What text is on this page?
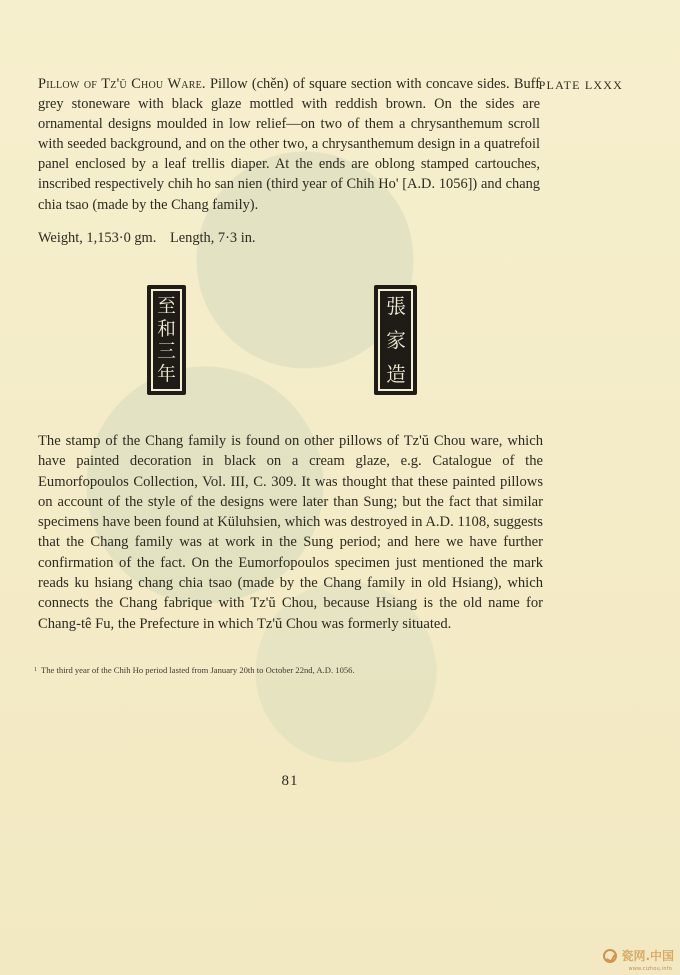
PLATE LXXX

Pillow of Tz'ŭ Chou Ware. Pillow (chěn) of square section with concave sides. Buff grey stoneware with black glaze mottled with reddish brown. On the sides are ornamental designs moulded in low relief—on two of them a chrysanthemum scroll with seeded background, and on the other two, a chrysanthemum design in a quatrefoil panel enclosed by a leaf trellis diaper. At the ends are oblong stamped cartouches, inscribed respectively chih ho san nien (third year of Chih Ho' [A.D. 1056]) and chang chia tsao (made by the Chang family).

Weight, 1,153·0 gm. Length, 7·3 in.
至
和
三
年
張
家
造

The stamp of the Chang family is found on other pillows of Tz'ŭ Chou ware, which have painted decoration in black on a cream glaze, e.g. Catalogue of the Eumorfopoulos Collection, Vol. III, C. 309. It was thought that these painted pillows on account of the style of the designs were later than Sung; but the fact that similar specimens have been found at Küluhsien, which was destroyed in A.D. 1108, suggests that the Chang family was at work in the Sung period; and here we have further confirmation of the fact. On the Eumorfopoulos specimen just mentioned the mark reads ku hsiang chang chia tsao (made by the Chang family in old Hsiang), which connects the Chang fabrique with Tz'ŭ Chou, because Hsiang is the old name for Chang-tê Fu, the Prefecture in which Tz'ŭ Chou was formerly situated.

$^1$ The third year of the Chih Ho period lasted from January 20th to October 22nd, A.D. 1056.
81
瓷网.中国
www.cizhou.info
